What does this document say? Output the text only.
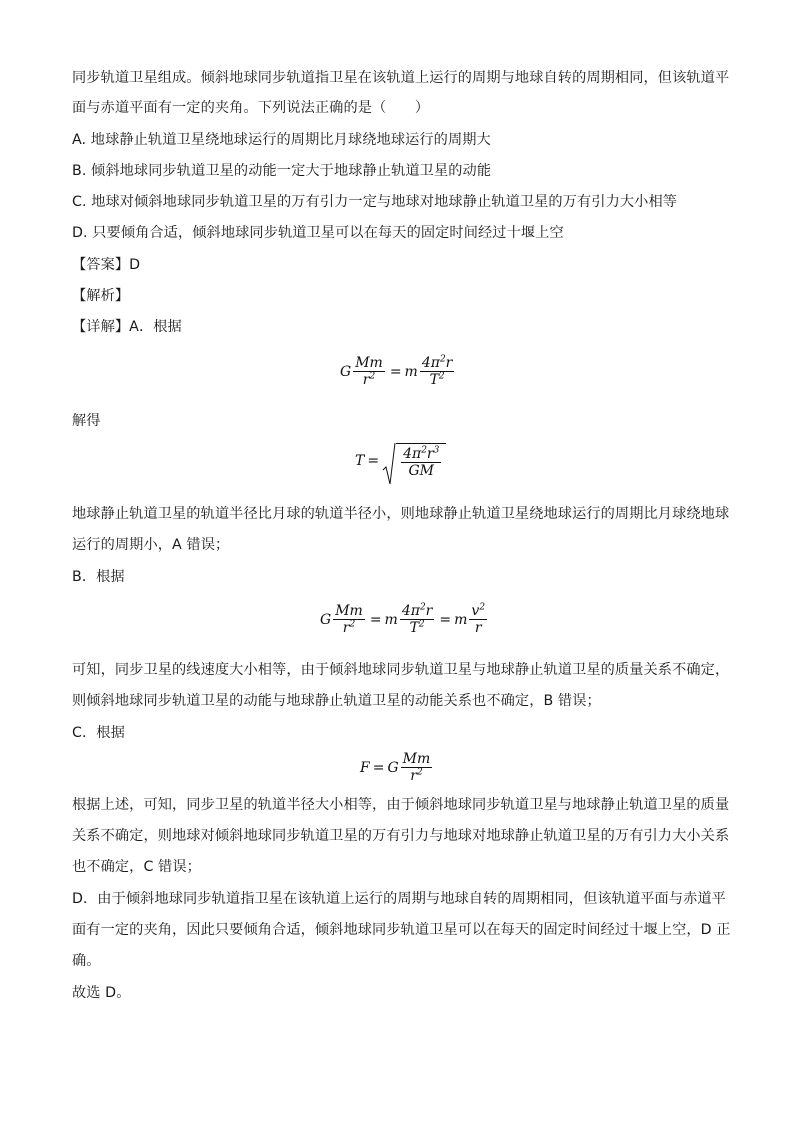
同步轨道卫星组成。倾斜地球同步轨道指卫星在该轨道上运行的周期与地球自转的周期相同，但该轨道平
面与赤道平面有一定的夹角。下列说法正确的是（　　）
A. 地球静止轨道卫星绕地球运行的周期比月球绕地球运行的周期大
B. 倾斜地球同步轨道卫星的动能一定大于地球静止轨道卫星的动能
C. 地球对倾斜地球同步轨道卫星的万有引力一定与地球对地球静止轨道卫星的万有引力大小相等
D. 只要倾角合适，倾斜地球同步轨道卫星可以在每天的固定时间经过十堰上空
【答案】D
【解析】
【详解】A．根据
G $\frac{Mm}{r^2} = m \frac{4\pi^2r}{T^2}$
解得
$T = \frac{4\pi^2r^3}{GM}$
地球静止轨道卫星的轨道半径比月球的轨道半径小，则地球静止轨道卫星绕地球运行的周期比月球绕地球
运行的周期小，A 错误；
B．根据
G $\frac{Mm}{r^2} = m \frac{4\pi^2r}{T^2} = m \frac{v^2}{r}$
可知，同步卫星的线速度大小相等，由于倾斜地球同步轨道卫星与地球静止轨道卫星的质量关系不确定，
则倾斜地球同步轨道卫星的动能与地球静止轨道卫星的动能关系也不确定，B 错误；
C．根据
F = G $\frac{Mm}{r^2}$
根据上述，可知，同步卫星的轨道半径大小相等，由于倾斜地球同步轨道卫星与地球静止轨道卫星的质量
关系不确定，则地球对倾斜地球同步轨道卫星的万有引力与地球对地球静止轨道卫星的万有引力大小关系
也不确定，C 错误；
D．由于倾斜地球同步轨道指卫星在该轨道上运行的周期与地球自转的周期相同，但该轨道平面与赤道平
面有一定的夹角，因此只要倾角合适，倾斜地球同步轨道卫星可以在每天的固定时间经过十堰上空，D 正
确。
故选 D。
